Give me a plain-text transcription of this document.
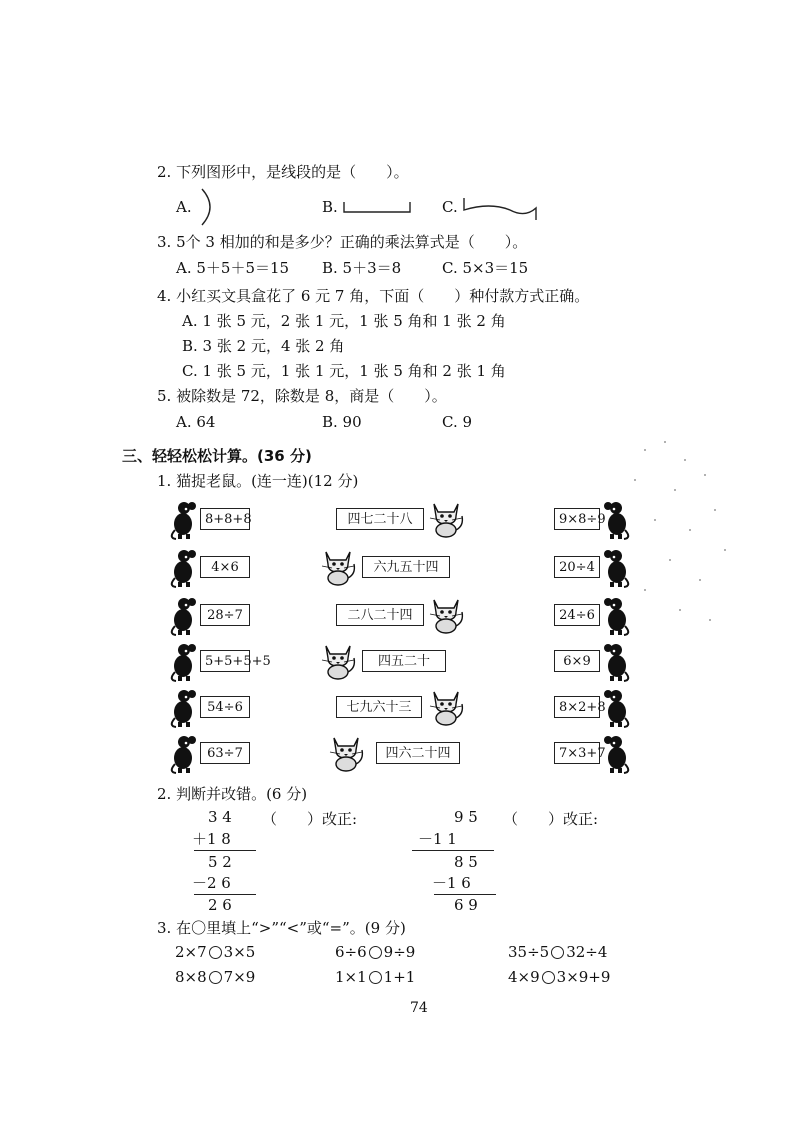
2. 下列图形中，是线段的是（　　）。
A.	B.	C.
3. 5个 3 相加的和是多少？正确的乘法算式是（　　）。
A. 5＋5＋5＝15 B. 5＋3＝8	C. 5×3＝15
4. 小红买文具盒花了 6 元 7 角，下面（　　）种付款方式正确。
A. 1 张 5 元，2 张 1 元，1 张 5 角和 1 张 2 角
B. 3 张 2 元，4 张 2 角
C. 1 张 5 元，1 张 1 元，1 张 5 角和 2 张 1 角
5. 被除数是 72，除数是 8，商是（　　）。
A. 64	B. 90	C. 9
三、轻轻松松计算。(36 分)
1. 猫捉老鼠。(连一连)(12 分)
8+8+8	四七二十八	9×8÷9
4×6	六九五十四	20÷4
28÷7	二八二十四	24÷6
5+5+5+5	四五二十	6×9
54÷6	七九六十三	8×2+8
63÷7	四六二十四	7×3+7
2. 判断并改错。(6 分)
3 4 （　　）改正:
＋1 8
5 2
－2 6
2 6
9 5 （　　）改正:
－1 1
8 5
－1 6
6 9
3. 在〇里填上“>”“<”或“=”。(9 分)
2×7 3×5	6÷6 9÷9	35÷5 32÷4
8×8 7×9	1×1 1+1	4×9 3×9+9
74
